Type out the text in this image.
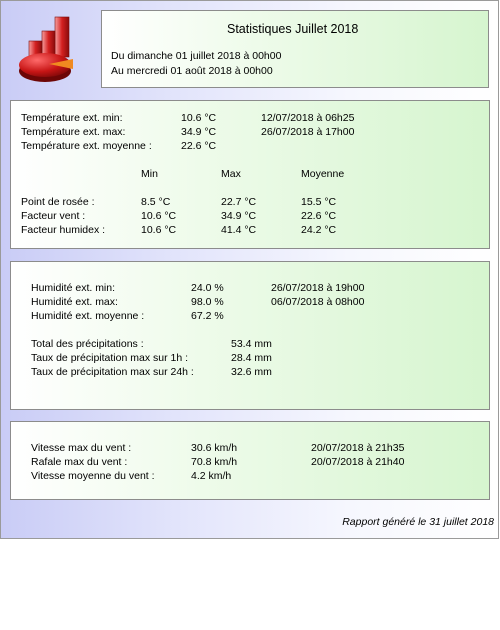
Statistiques Juillet 2018
Du dimanche 01 juillet 2018 à 00h00
Au mercredi 01 août 2018 à 00h00
Température ext. min:	10.6 °C	12/07/2018 à 06h25
Température ext. max:	34.9 °C	26/07/2018 à 17h00
Température ext. moyenne :	22.6 °C
Min	Max	Moyenne
Point de rosée :	8.5 °C	22.7 °C	15.5 °C
Facteur vent :	10.6 °C	34.9 °C	22.6 °C
Facteur humidex :	10.6 °C	41.4 °C	24.2 °C
Humidité ext. min:	24.0 %	26/07/2018 à 19h00
Humidité ext. max:	98.0 %	06/07/2018 à 08h00
Humidité ext. moyenne :	67.2 %
Total des précipitations :	53.4 mm
Taux de précipitation max sur 1h :	28.4 mm
Taux de précipitation max sur 24h :	32.6 mm
Vitesse max du vent :	30.6 km/h	20/07/2018 à 21h35
Rafale max du vent :	70.8 km/h	20/07/2018 à 21h40
Vitesse moyenne du vent :	4.2 km/h
Rapport généré le 31 juillet 2018
